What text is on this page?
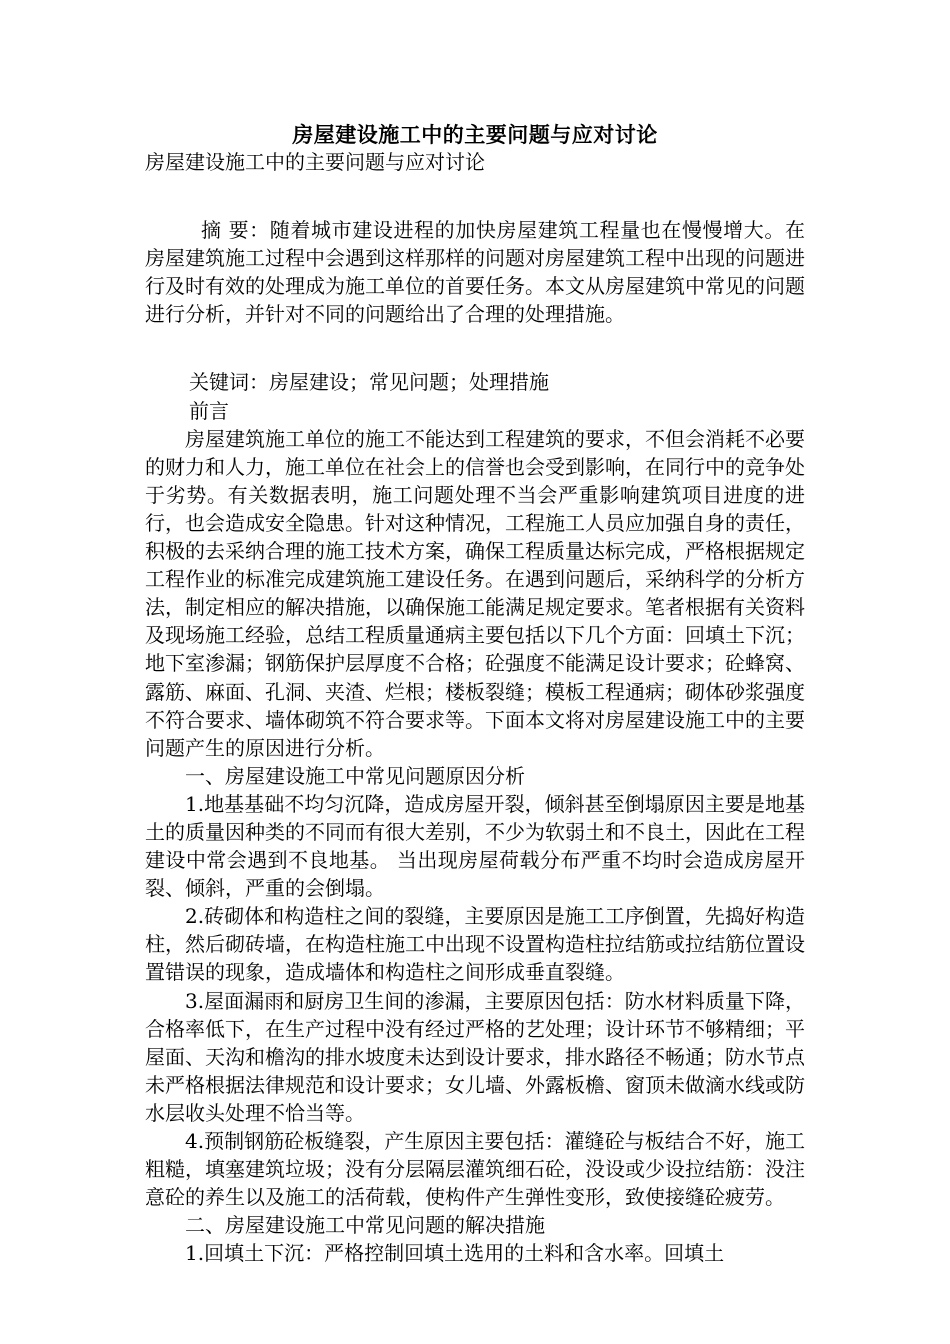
房屋建设施工中的主要问题与应对讨论

房屋建设施工中的主要问题与应对讨论

摘 要：随着城市建设进程的加快房屋建筑工程量也在慢慢增大。在房屋建筑施工过程中会遇到这样那样的问题对房屋建筑工程中出现的问题进行及时有效的处理成为施工单位的首要任务。本文从房屋建筑中常见的问题进行分析，并针对不同的问题给出了合理的处理措施。

关键词：房屋建设；常见问题；处理措施

前言

房屋建筑施工单位的施工不能达到工程建筑的要求，不但会消耗不必要的财力和人力，施工单位在社会上的信誉也会受到影响，在同行中的竞争处于劣势。有关数据表明，施工问题处理不当会严重影响建筑项目进度的进行，也会造成安全隐患。针对这种情况，工程施工人员应加强自身的责任，积极的去采纳合理的施工技术方案，确保工程质量达标完成，严格根据规定工程作业的标准完成建筑施工建设任务。在遇到问题后，采纳科学的分析方法，制定相应的解决措施，以确保施工能满足规定要求。笔者根据有关资料及现场施工经验，总结工程质量通病主要包括以下几个方面：回填土下沉；地下室渗漏；钢筋保护层厚度不合格；砼强度不能满足设计要求；砼蜂窝、露筋、麻面、孔洞、夹渣、烂根；楼板裂缝；模板工程通病；砌体砂浆强度不符合要求、墙体砌筑不符合要求等。下面本文将对房屋建设施工中的主要问题产生的原因进行分析。

一、房屋建设施工中常见问题原因分析

1.地基基础不均匀沉降，造成房屋开裂，倾斜甚至倒塌原因主要是地基土的质量因种类的不同而有很大差别，不少为软弱土和不良土，因此在工程建设中常会遇到不良地基。 当出现房屋荷载分布严重不均时会造成房屋开裂、倾斜，严重的会倒塌。

2.砖砌体和构造柱之间的裂缝，主要原因是施工工序倒置，先捣好构造柱，然后砌砖墙，在构造柱施工中出现不设置构造柱拉结筋或拉结筋位置设置错误的现象，造成墙体和构造柱之间形成垂直裂缝。

3.屋面漏雨和厨房卫生间的渗漏，主要原因包括：防水材料质量下降，合格率低下，在生产过程中没有经过严格的艺处理；设计环节不够精细；平屋面、天沟和檐沟的排水坡度未达到设计要求，排水路径不畅通；防水节点未严格根据法律规范和设计要求；女儿墙、外露板檐、窗顶未做滴水线或防水层收头处理不恰当等。

4.预制钢筋砼板缝裂，产生原因主要包括：灌缝砼与板结合不好，施工粗糙，填塞建筑垃圾；没有分层隔层灌筑细石砼，没设或少设拉结筋：没注意砼的养生以及施工的活荷载，使构件产生弹性变形，致使接缝砼疲劳。

二、房屋建设施工中常见问题的解决措施

1.回填土下沉：严格控制回填土选用的土料和含水率。回填土
